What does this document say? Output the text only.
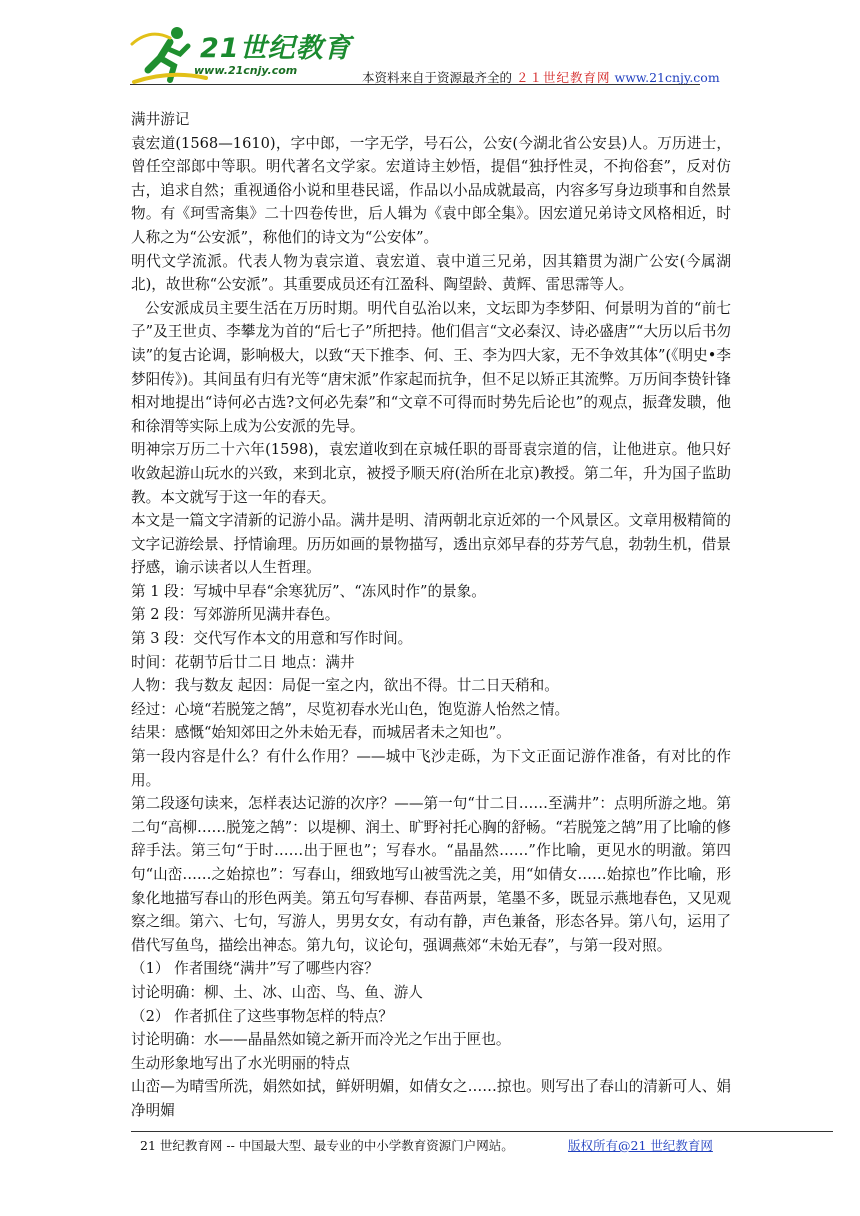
21世纪教育
www.21cnjy.com	本资料来自于资源最齐全的 ２１世纪教育网 www.21cnjy.com

满井游记

袁宏道(1568—1610)，字中郎，一字无学，号石公，公安(今湖北省公安县)人。万历进士，曾任空部郎中等职。明代著名文学家。宏道诗主妙悟，提倡“独抒性灵，不拘俗套”，反对仿古，追求自然；重视通俗小说和里巷民谣，作品以小品成就最高，内容多写身边琐事和自然景物。有《珂雪斋集》二十四卷传世，后人辑为《袁中郎全集》。因宏道兄弟诗文风格相近，时人称之为“公安派”，称他们的诗文为“公安体”。

明代文学流派。代表人物为袁宗道、袁宏道、袁中道三兄弟，因其籍贯为湖广公安(今属湖北)，故世称“公安派”。其重要成员还有江盈科、陶望龄、黄辉、雷思霈等人。

公安派成员主要生活在万历时期。明代自弘治以来，文坛即为李梦阳、何景明为首的“前七子”及王世贞、李攀龙为首的“后七子”所把持。他们倡言“文必秦汉、诗必盛唐”“大历以后书勿读”的复古论调，影响极大，以致“天下推李、何、王、李为四大家，无不争效其体”(《明史•李梦阳传》)。其间虽有归有光等“唐宋派”作家起而抗争，但不足以矫正其流弊。万历间李贽针锋相对地提出“诗何必古选?文何必先秦”和“文章不可得而时势先后论也”的观点，振聋发聩，他和徐渭等实际上成为公安派的先导。

明神宗万历二十六年(1598)，袁宏道收到在京城任职的哥哥袁宗道的信，让他进京。他只好收敛起游山玩水的兴致，来到北京，被授予顺天府(治所在北京)教授。第二年，升为国子监助教。本文就写于这一年的春天。

本文是一篇文字清新的记游小品。满井是明、清两朝北京近郊的一个风景区。文章用极精简的文字记游绘景、抒情谕理。历历如画的景物描写，透出京郊早春的芬芳气息，勃勃生机，借景抒感，谕示读者以人生哲理。

第 1 段：写城中早春“余寒犹厉”、“冻风时作”的景象。

第 2 段：写郊游所见满井春色。

第 3 段：交代写作本文的用意和写作时间。

时间：花朝节后廿二日 地点：满井

人物：我与数友 起因：局促一室之内，欲出不得。廿二日天稍和。

经过：心境“若脱笼之鹄”，尽览初春水光山色，饱览游人怡然之情。

结果：感慨“始知郊田之外未始无春，而城居者未之知也”。

第一段内容是什么？有什么作用？——城中飞沙走砾，为下文正面记游作准备，有对比的作用。

第二段逐句读来，怎样表达记游的次序？——第一句“廿二日……至满井”：点明所游之地。第二句“高柳……脱笼之鹄”：以堤柳、润土、旷野衬托心胸的舒畅。“若脱笼之鹄”用了比喻的修辞手法。第三句“于时……出于匣也”；写春水。“晶晶然……”作比喻，更见水的明澈。第四句“山峦……之始掠也”：写春山，细致地写山被雪洗之美，用“如倩女……始掠也”作比喻，形象化地描写春山的形色两美。第五句写春柳、春苗两景，笔墨不多，既显示燕地春色，又见观察之细。第六、七句，写游人，男男女女，有动有静，声色兼备，形态各异。第八句，运用了借代写鱼鸟，描绘出神态。第九句，议论句，强调燕郊“未始无春”，与第一段对照。

（1） 作者围绕“满井”写了哪些内容？

讨论明确：柳、土、冰、山峦、鸟、鱼、游人

（2） 作者抓住了这些事物怎样的特点？

讨论明确：水——晶晶然如镜之新开而冷光之乍出于匣也。

生动形象地写出了水光明丽的特点

山峦—为晴雪所洗，娟然如拭，鲜妍明媚，如倩女之……掠也。则写出了春山的清新可人、娟净明媚

21 世纪教育网 -- 中国最大型、最专业的中小学教育资源门户网站。	版权所有@21 世纪教育网
